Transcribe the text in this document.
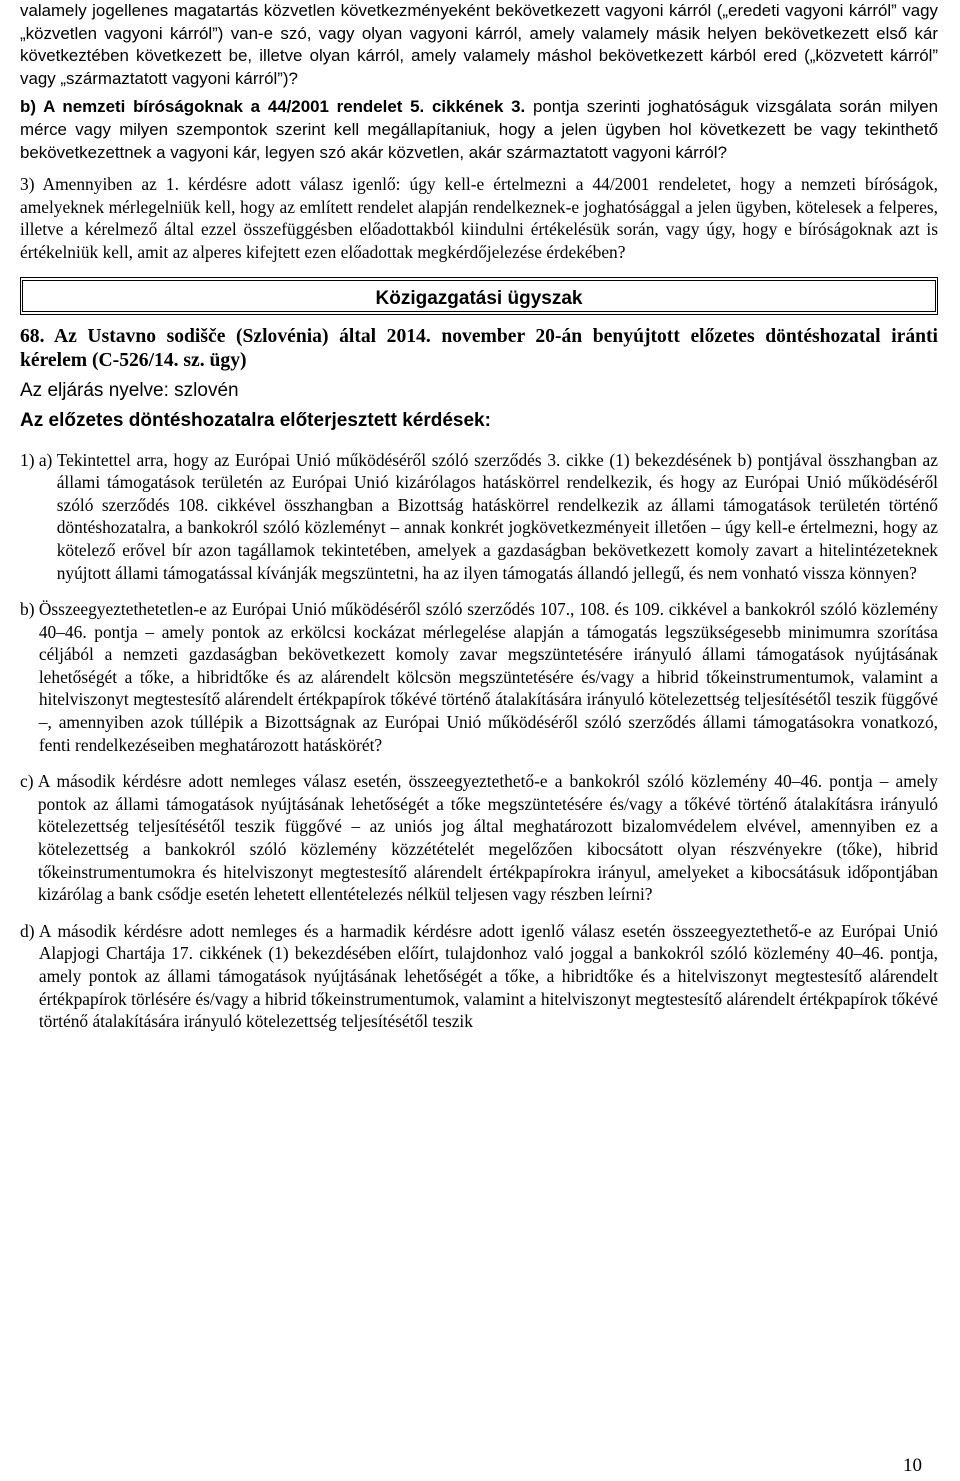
valamely jogellenes magatartás közvetlen következményeként bekövetkezett vagyoni kárról („eredeti vagyoni kárról” vagy „közvetlen vagyoni kárról”) van-e szó, vagy olyan vagyoni kárról, amely valamely másik helyen bekövetkezett első kár következtében következett be, illetve olyan kárról, amely valamely máshol bekövetkezett kárból ered („közvetett kárról” vagy „származtatott vagyoni kárról”)?

b) A nemzeti bíróságoknak a 44/2001 rendelet 5. cikkének 3. pontja szerinti joghatóságuk vizsgálata során milyen mérce vagy milyen szempontok szerint kell megállapítaniuk, hogy a jelen ügyben hol következett be vagy tekinthető bekövetkezettnek a vagyoni kár, legyen szó akár közvetlen, akár származtatott vagyoni kárról?

3) Amennyiben az 1. kérdésre adott válasz igenlő: úgy kell-e értelmezni a 44/2001 rendeletet, hogy a nemzeti bíróságok, amelyeknek mérlegelniük kell, hogy az említett rendelet alapján rendelkeznek-e joghatósággal a jelen ügyben, kötelesek a felperes, illetve a kérelmező által ezzel összefüggésben előadottakból kiindulni értékelésük során, vagy úgy, hogy e bíróságoknak azt is értékelniük kell, amit az alperes kifejtett ezen előadottak megkérdőjelezése érdekében?

Közigazgatási ügyszak
68. Az Ustavno sodišče (Szlovénia) által 2014. november 20-án benyújtott előzetes döntéshozatal iránti kérelem (C-526/14. sz. ügy)
Az eljárás nyelve: szlovén
Az előzetes döntéshozatalra előterjesztett kérdések:
1) a) Tekintettel arra, hogy az Európai Unió működéséről szóló szerződés 3. cikke (1) bekezdésének b) pontjával összhangban az állami támogatások területén az Európai Unió kizárólagos hatáskörrel rendelkezik, és hogy az Európai Unió működéséről szóló szerződés 108. cikkével összhangban a Bizottság hatáskörrel rendelkezik az állami támogatások területén történő döntéshozatalra, a bankokról szóló közleményt – annak konkrét jogkövetkezményeit illetően – úgy kell-e értelmezni, hogy az kötelező erővel bír azon tagállamok tekintetében, amelyek a gazdaságban bekövetkezett komoly zavart a hitelintézeteknek nyújtott állami támogatással kívánják megszüntetni, ha az ilyen támogatás állandó jellegű, és nem vonható vissza könnyen?
b) Összeegyeztethetetlen-e az Európai Unió működéséről szóló szerződés 107., 108. és 109. cikkével a bankokról szóló közlemény 40–46. pontja – amely pontok az erkölcsi kockázat mérlegelése alapján a támogatás legszükségesebb minimumra szorítása céljából a nemzeti gazdaságban bekövetkezett komoly zavar megszüntetésére irányuló állami támogatások nyújtásának lehetőségét a tőke, a hibridtőke és az alárendelt kölcsön megszüntetésére és/vagy a hibrid tőkeinstrumentumok, valamint a hitelviszonyt megtestesítő alárendelt értékpapírok tőkévé történő átalakítására irányuló kötelezettség teljesítésétől teszik függővé –, amennyiben azok túllépik a Bizottságnak az Európai Unió működéséről szóló szerződés állami támogatásokra vonatkozó, fenti rendelkezéseiben meghatározott hatáskörét?
c) A második kérdésre adott nemleges válasz esetén, összeegyeztethető-e a bankokról szóló közlemény 40–46. pontja – amely pontok az állami támogatások nyújtásának lehetőségét a tőke megszüntetésére és/vagy a tőkévé történő átalakításra irányuló kötelezettség teljesítésétől teszik függővé – az uniós jog által meghatározott bizalomvédelem elvével, amennyiben ez a kötelezettség a bankokról szóló közlemény közzétételét megelőzően kibocsátott olyan részvényekre (tőke), hibrid tőkeinstrumentumokra és hitelviszonyt megtestesítő alárendelt értékpapírokra irányul, amelyeket a kibocsátásuk időpontjában kizárólag a bank csődje esetén lehetett ellentételezés nélkül teljesen vagy részben leírni?
d) A második kérdésre adott nemleges és a harmadik kérdésre adott igenlő válasz esetén összeegyeztethető-e az Európai Unió Alapjogi Chartája 17. cikkének (1) bekezdésében előírt, tulajdonhoz való joggal a bankokról szóló közlemény 40–46. pontja, amely pontok az állami támogatások nyújtásának lehetőségét a tőke, a hibridtőke és a hitelviszonyt megtestesítő alárendelt értékpapírok törlésére és/vagy a hibrid tőkeinstrumentumok, valamint a hitelviszonyt megtestesítő alárendelt értékpapírok tőkévé történő átalakítására irányuló kötelezettség teljesítésétől teszik
10
